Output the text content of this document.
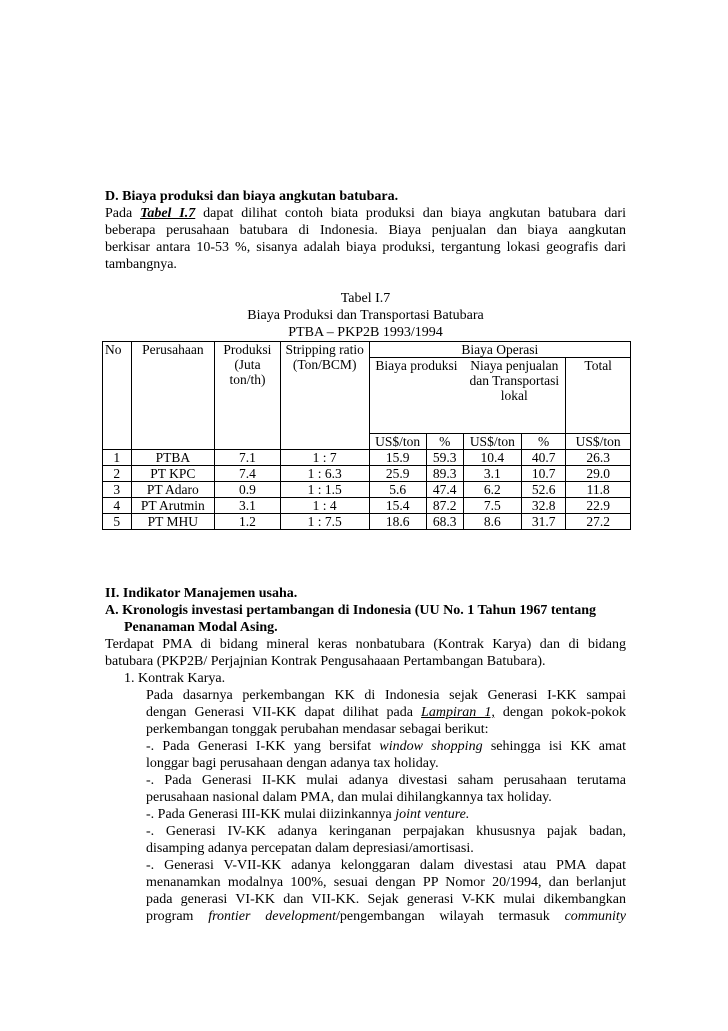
D. Biaya produksi dan biaya angkutan batubara.
Pada Tabel I.7 dapat dilihat contoh biata produksi dan biaya angkutan batubara dari
beberapa perusahaan batubara di Indonesia. Biaya penjualan dan biaya aangkutan
berkisar antara 10-53 %, sisanya adalah biaya produksi, tergantung lokasi geografis dari
tambangnya.
Tabel I.7
Biaya Produksi dan Transportasi Batubara
PTBA – PKP2B 1993/1994
No	Perusahaan	Produksi (Juta ton/th)	Stripping ratio (Ton/BCM)	Biaya Operasi				
				Biaya produksi		Niaya penjualan dan Transportasi lokal		Total
				US$/ton	%	US$/ton	%	US$/ton
1	PTBA	7.1	1 : 7	15.9	59.3	10.4	40.7	26.3
2	PT KPC	7.4	1 : 6.3	25.9	89.3	3.1	10.7	29.0
3	PT Adaro	0.9	1 : 1.5	5.6	47.4	6.2	52.6	11.8
4	PT Arutmin	3.1	1 : 4	15.4	87.2	7.5	32.8	22.9
5	PT MHU	1.2	1 : 7.5	18.6	68.3	8.6	31.7	27.2
II. Indikator Manajemen usaha.
A. Kronologis investasi pertambangan di Indonesia (UU No. 1 Tahun 1967 tentang
Penanaman Modal Asing.
Terdapat PMA di bidang mineral keras nonbatubara (Kontrak Karya) dan di bidang
batubara (PKP2B/ Perjajnian Kontrak Pengusahaaan Pertambangan Batubara).
1. Kontrak Karya.
Pada dasarnya perkembangan KK di Indonesia sejak Generasi I-KK sampai
dengan Generasi VII-KK dapat dilihat pada Lampiran 1, dengan pokok-pokok
perkembangan tonggak perubahan mendasar sebagai berikut:
-. Pada Generasi I-KK yang bersifat window shopping sehingga isi KK amat
longgar bagi perusahaan dengan adanya tax holiday.
-. Pada Generasi II-KK mulai adanya divestasi saham perusahaan terutama
perusahaan nasional dalam PMA, dan mulai dihilangkannya tax holiday.
-. Pada Generasi III-KK mulai diizinkannya joint venture.
-. Generasi IV-KK adanya keringanan perpajakan khususnya pajak badan,
disamping adanya percepatan dalam depresiasi/amortisasi.
-. Generasi V-VII-KK adanya kelonggaran dalam divestasi atau PMA dapat
menanamkan modalnya 100%, sesuai dengan PP Nomor 20/1994, dan berlanjut
pada generasi VI-KK dan VII-KK. Sejak generasi V-KK mulai dikembangkan
program frontier development/pengembangan wilayah termasuk community
